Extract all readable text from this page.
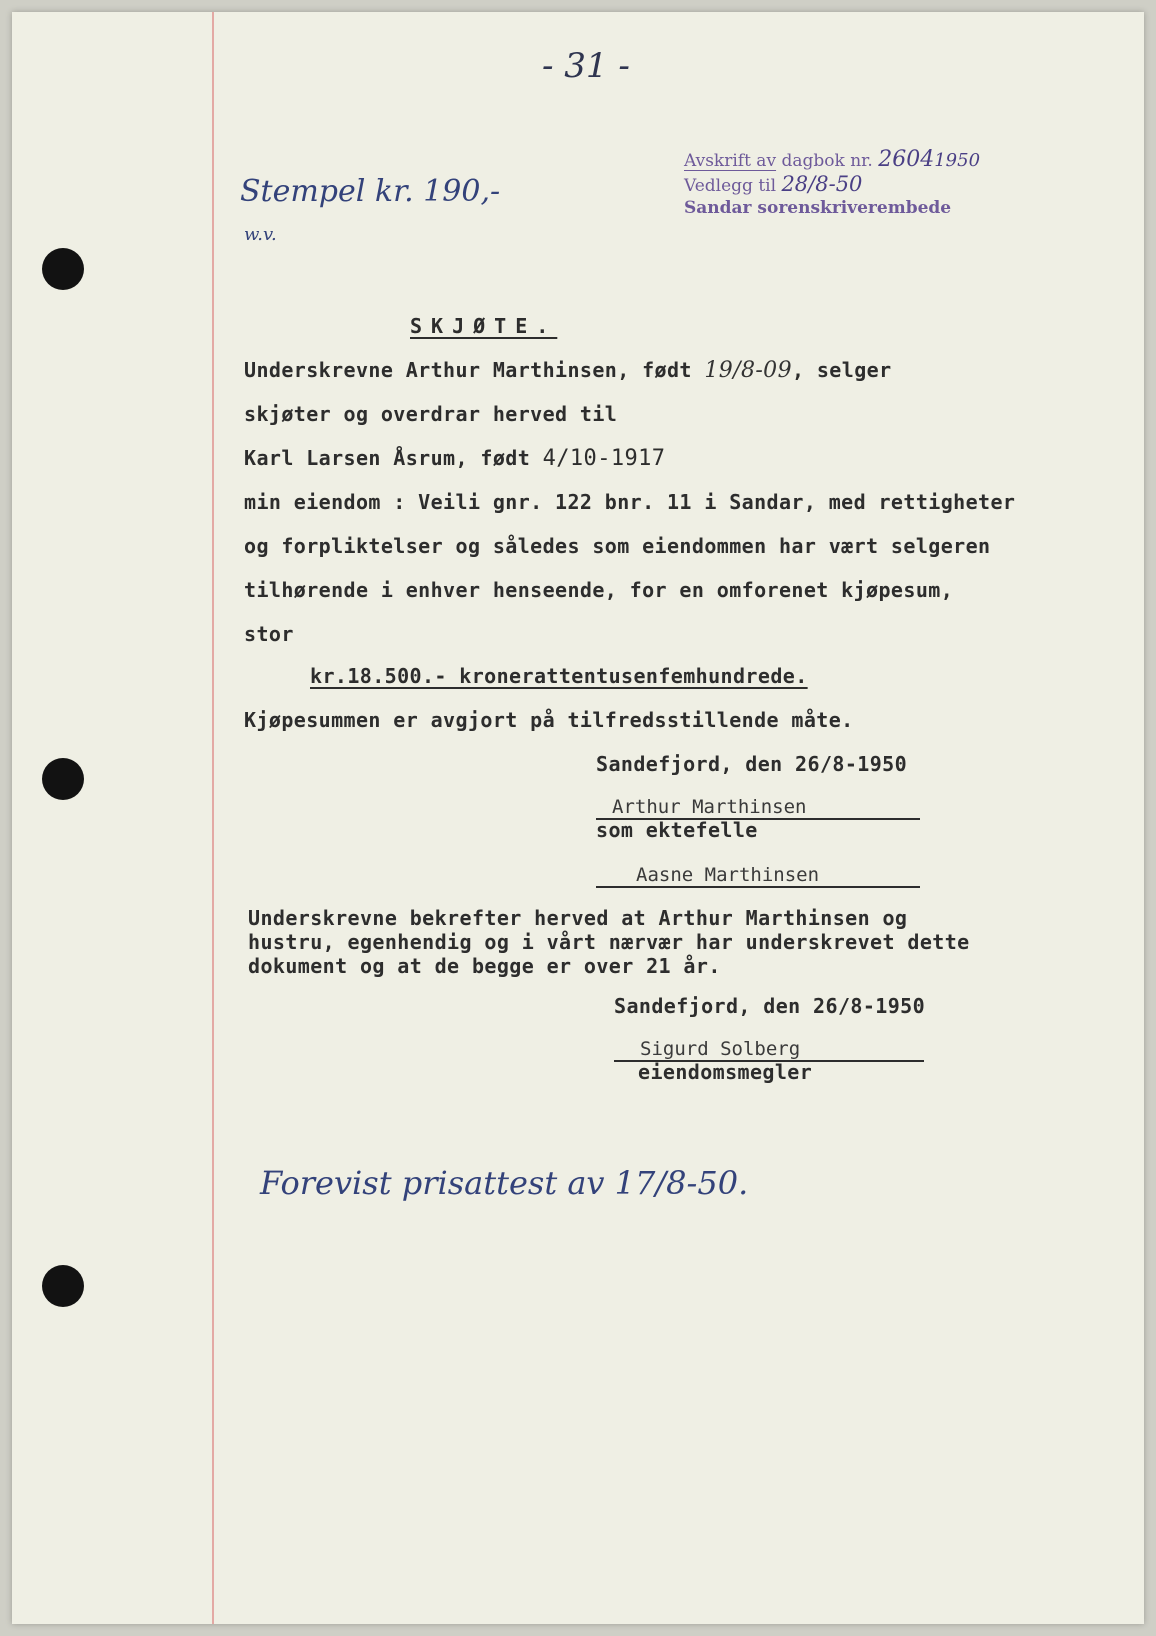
- 31 -
Avskrift av dagbok nr. 26041950
Vedlegg til 28/8-50
Sandar sorenskriverembede
Stempel kr. 190,-
w.v.
SKJØTE.
Underskrevne Arthur Marthinsen, født 19/8-09, selger
skjøter og overdrar herved til
Karl Larsen Åsrum, født 4/10-1917
min eiendom : Veili gnr. 122 bnr. 11 i Sandar, med rettigheter
og forpliktelser og således som eiendommen har vært selgeren
tilhørende i enhver henseende, for en omforenet kjøpesum,
stor
kr.18.500.- kronerattentusenfemhundrede.
Kjøpesummen er avgjort på tilfredsstillende måte.
Sandefjord, den 26/8-1950
Arthur Marthinsen
som ektefelle
Aasne Marthinsen
Underskrevne bekrefter herved at Arthur Marthinsen og
hustru, egenhendig og i vårt nærvær har underskrevet dette
dokument og at de begge er over 21 år.
Sandefjord, den 26/8-1950
Sigurd Solberg
eiendomsmegler
Forevist prisattest av 17/8-50.
